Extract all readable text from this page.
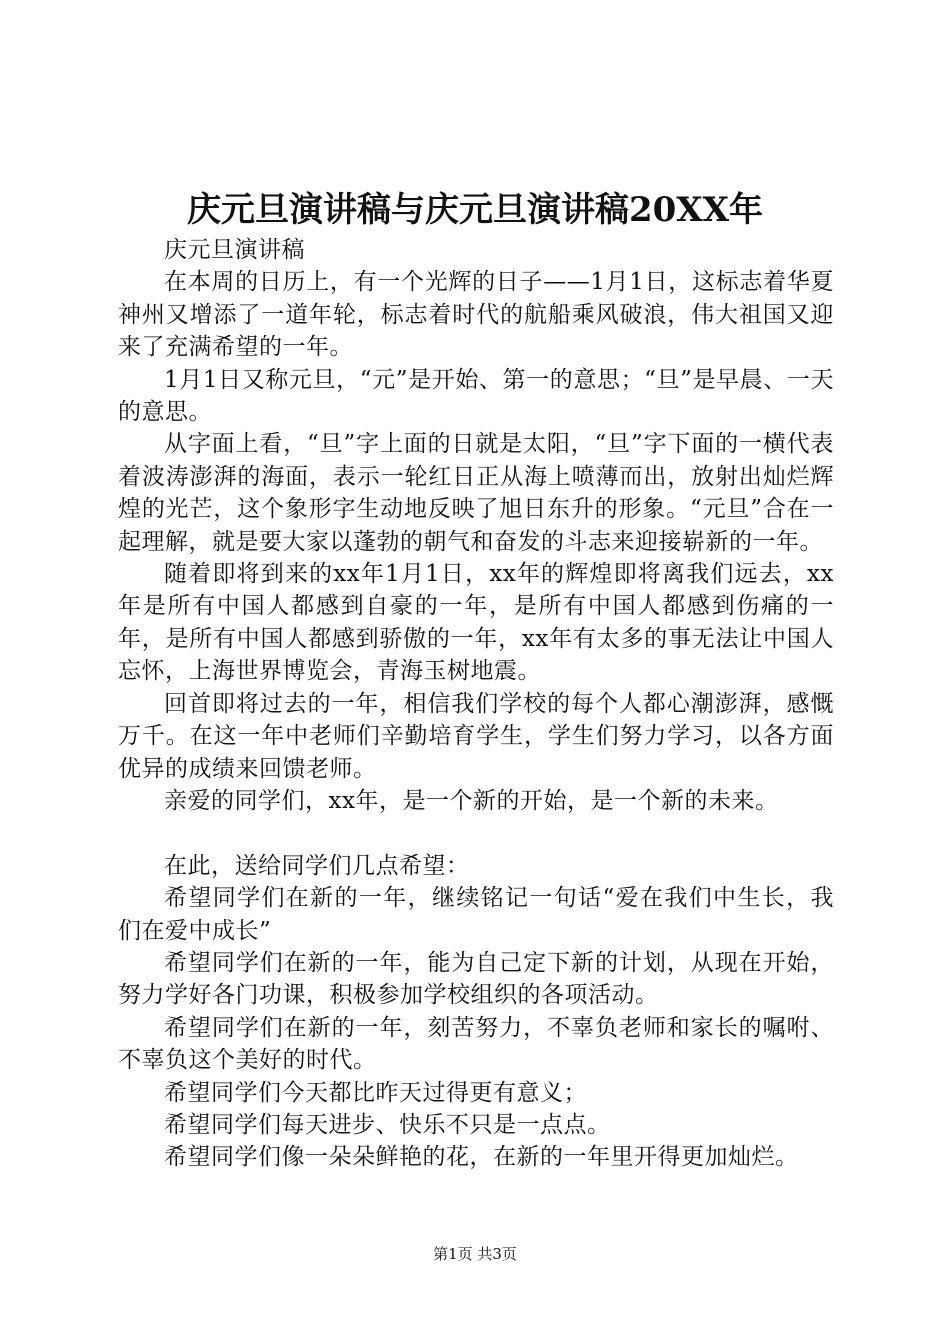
庆元旦演讲稿与庆元旦演讲稿20XX年

庆元旦演讲稿

在本周的日历上，有一个光辉的日子——1月1日，这标志着华夏神州又增添了一道年轮，标志着时代的航船乘风破浪，伟大祖国又迎来了充满希望的一年。

1月1日又称元旦，“元”是开始、第一的意思；“旦”是早晨、一天的意思。

从字面上看，“旦”字上面的日就是太阳，“旦”字下面的一横代表着波涛澎湃的海面，表示一轮红日正从海上喷薄而出，放射出灿烂辉煌的光芒，这个象形字生动地反映了旭日东升的形象。“元旦”合在一起理解，就是要大家以蓬勃的朝气和奋发的斗志来迎接崭新的一年。

随着即将到来的xx年1月1日，xx年的辉煌即将离我们远去，xx年是所有中国人都感到自豪的一年，是所有中国人都感到伤痛的一年，是所有中国人都感到骄傲的一年，xx年有太多的事无法让中国人忘怀，上海世界博览会，青海玉树地震。

回首即将过去的一年，相信我们学校的每个人都心潮澎湃，感慨万千。在这一年中老师们辛勤培育学生，学生们努力学习，以各方面优异的成绩来回馈老师。

亲爱的同学们，xx年，是一个新的开始，是一个新的未来。

在此，送给同学们几点希望：

希望同学们在新的一年，继续铭记一句话“爱在我们中生长，我们在爱中成长”

希望同学们在新的一年，能为自己定下新的计划，从现在开始，努力学好各门功课，积极参加学校组织的各项活动。

希望同学们在新的一年，刻苦努力，不辜负老师和家长的嘱咐、不辜负这个美好的时代。

希望同学们今天都比昨天过得更有意义；

希望同学们每天进步、快乐不只是一点点。

希望同学们像一朵朵鲜艳的花，在新的一年里开得更加灿烂。

第1页 共3页
